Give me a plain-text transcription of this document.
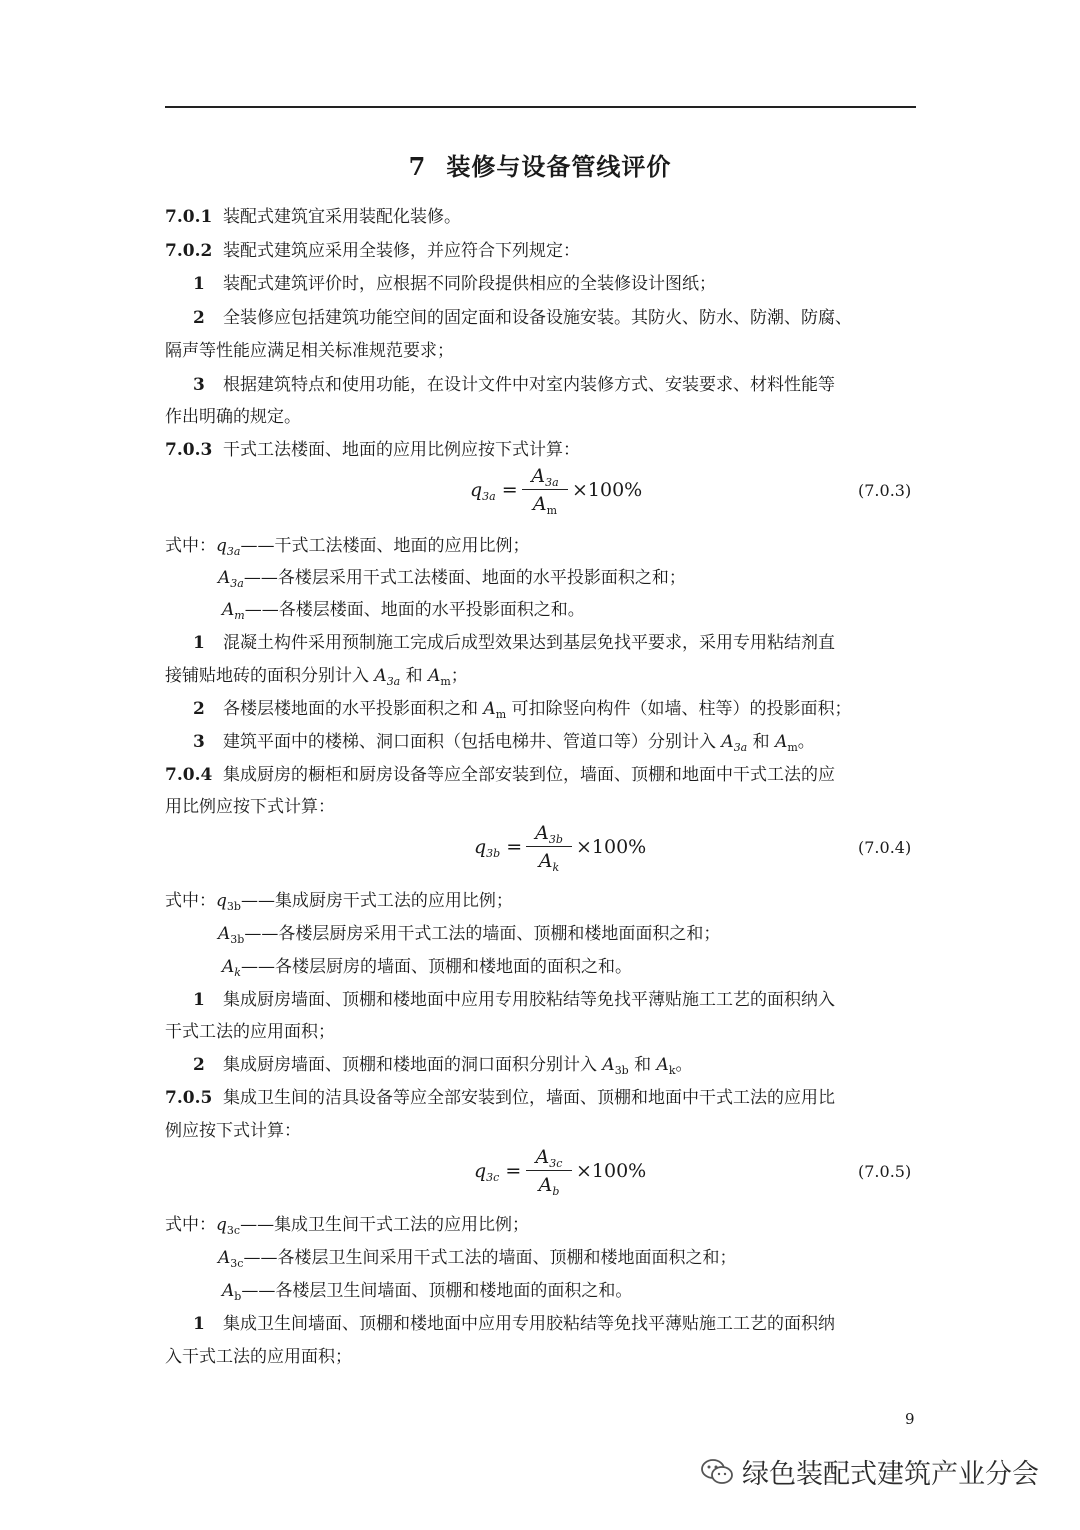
7 装修与设备管线评价
7.0.1 装配式建筑宜采用装配化装修。
7.0.2 装配式建筑应采用全装修，并应符合下列规定：
1 装配式建筑评价时，应根据不同阶段提供相应的全装修设计图纸；
2 全装修应包括建筑功能空间的固定面和设备设施安装。其防火、防水、防潮、防腐、
隔声等性能应满足相关标准规范要求；
3 根据建筑特点和使用功能，在设计文件中对室内装修方式、安装要求、材料性能等
作出明确的规定。
7.0.3 干式工法楼面、地面的应用比例应按下式计算：
$q_{3a}$ =
$A_{3a}$
$A_m$
×100%	(7.0.3)
式中：$q_{3a}——$干式工法楼面、地面的应用比例；
$A_{3a}——$各楼层采用干式工法楼面、地面的水平投影面积之和；
$A_m——$各楼层楼面、地面的水平投影面积之和。
1 混凝土构件采用预制施工完成后成型效果达到基层免找平要求，采用专用粘结剂直
接铺贴地砖的面积分别计入 $A_{3a}$ 和 $A_m$；
2 各楼层楼地面的水平投影面积之和 $A_m$ 可扣除竖向构件（如墙、柱等）的投影面积；
3 建筑平面中的楼梯、洞口面积（包括电梯井、管道口等）分别计入 $A_{3a}$ 和 $A_m$。
7.0.4 集成厨房的橱柜和厨房设备等应全部安装到位，墙面、顶棚和地面中干式工法的应
用比例应按下式计算：
$q_{3b}$ =
$A_{3b}$
$A_k$
×100%	(7.0.4)
式中：$q_{3b}——$集成厨房干式工法的应用比例；
$A_{3b}——$各楼层厨房采用干式工法的墙面、顶棚和楼地面面积之和；
$A_k——$各楼层厨房的墙面、顶棚和楼地面的面积之和。
1 集成厨房墙面、顶棚和楼地面中应用专用胶粘结等免找平薄贴施工工艺的面积纳入
干式工法的应用面积；
2 集成厨房墙面、顶棚和楼地面的洞口面积分别计入 $A_{3b}$ 和 $A_k$。
7.0.5 集成卫生间的洁具设备等应全部安装到位，墙面、顶棚和地面中干式工法的应用比
例应按下式计算：
$q_{3c}$ =
$A_{3c}$
$A_b$
×100%	(7.0.5)
式中：$q_{3c}——$集成卫生间干式工法的应用比例；
$A_{3c}——$各楼层卫生间采用干式工法的墙面、顶棚和楼地面面积之和；
$A_b——$各楼层卫生间墙面、顶棚和楼地面的面积之和。
1 集成卫生间墙面、顶棚和楼地面中应用专用胶粘结等免找平薄贴施工工艺的面积纳
入干式工法的应用面积；
9
绿色装配式建筑产业分会
